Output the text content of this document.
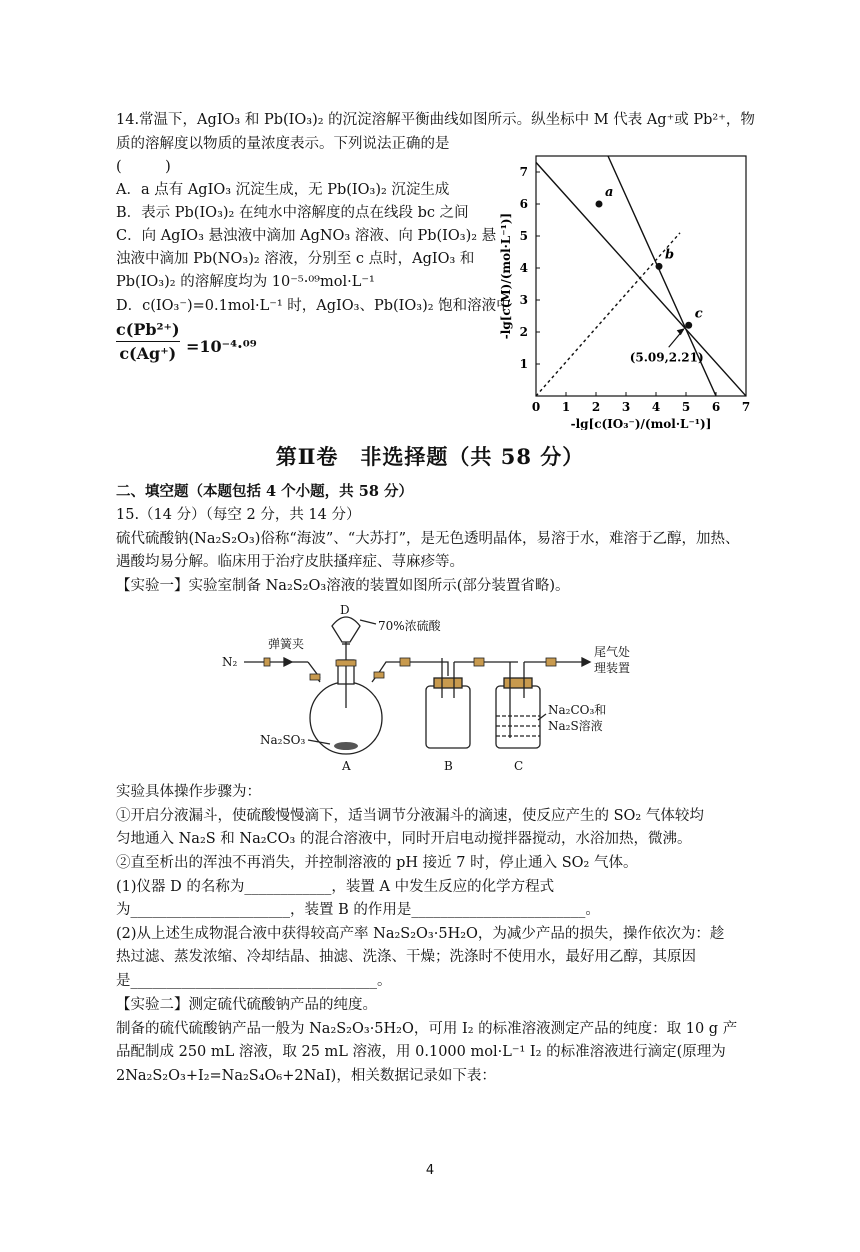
14.常温下，AgIO₃ 和 Pb(IO₃)₂ 的沉淀溶解平衡曲线如图所示。纵坐标中 M 代表 Ag⁺或 Pb²⁺，物
质的溶解度以物质的量浓度表示。下列说法正确的是
(　　　)
A．a 点有 AgIO₃ 沉淀生成，无 Pb(IO₃)₂ 沉淀生成
B．表示 Pb(IO₃)₂ 在纯水中溶解度的点在线段 bc 之间
C．向 AgIO₃ 悬浊液中滴加 AgNO₃ 溶液、向 Pb(IO₃)₂ 悬
浊液中滴加 Pb(NO₃)₂ 溶液，分别至 c 点时，AgIO₃ 和
Pb(IO₃)₂ 的溶解度均为 10⁻⁵·⁰⁹mol·L⁻¹
D．c(IO₃⁻)=0.1mol·L⁻¹ 时，AgIO₃、Pb(IO₃)₂ 饱和溶液中
c(Pb²⁺)
c(Ag⁺) =10⁻⁴·⁰⁹
0 1 2 3 4 5 6 7
1
2
3
4
5
6
7
a
b
c
(5.09,2.21)
-lg[c(IO₃⁻)/(mol·L⁻¹)]
-lg[c(M)/(mol·L⁻¹)]
第Ⅱ卷　非选择题（共 58 分）
二、填空题（本题包括 4 个小题，共 58 分）
15.（14 分）（每空 2 分，共 14 分）
硫代硫酸钠(Na₂S₂O₃)俗称“海波”、“大苏打”，是无色透明晶体，易溶于水，难溶于乙醇，加热、
遇酸均易分解。临床用于治疗皮肤搔痒症、荨麻疹等。
【实验一】实验室制备 Na₂S₂O₃溶液的装置如图所示(部分装置省略)。
D
70%浓硫酸
弹簧夹
N₂
尾气处
理装置
Na₂SO₃
Na₂CO₃和
Na₂S溶液
A	B	C
实验具体操作步骤为：
①开启分液漏斗，使硫酸慢慢滴下，适当调节分液漏斗的滴速，使反应产生的 SO₂ 气体较均
匀地通入 Na₂S 和 Na₂CO₃ 的混合溶液中，同时开启电动搅拌器搅动，水浴加热，微沸。
②直至析出的浑浊不再消失，并控制溶液的 pH 接近 7 时，停止通入 SO₂ 气体。
(1)仪器 D 的名称为____________，装置 A 中发生反应的化学方程式
为______________________，装置 B 的作用是________________________。
(2)从上述生成物混合液中获得较高产率 Na₂S₂O₃·5H₂O，为减少产品的损失，操作依次为：趁
热过滤、蒸发浓缩、冷却结晶、抽滤、洗涤、干燥；洗涤时不使用水，最好用乙醇，其原因
是__________________________________。
【实验二】测定硫代硫酸钠产品的纯度。
制备的硫代硫酸钠产品一般为 Na₂S₂O₃·5H₂O，可用 I₂ 的标准溶液测定产品的纯度：取 10 g 产
品配制成 250 mL 溶液，取 25 mL 溶液，用 0.1000 mol·L⁻¹ I₂ 的标准溶液进行滴定(原理为
2Na₂S₂O₃+I₂=Na₂S₄O₆+2NaI)，相关数据记录如下表：
4
